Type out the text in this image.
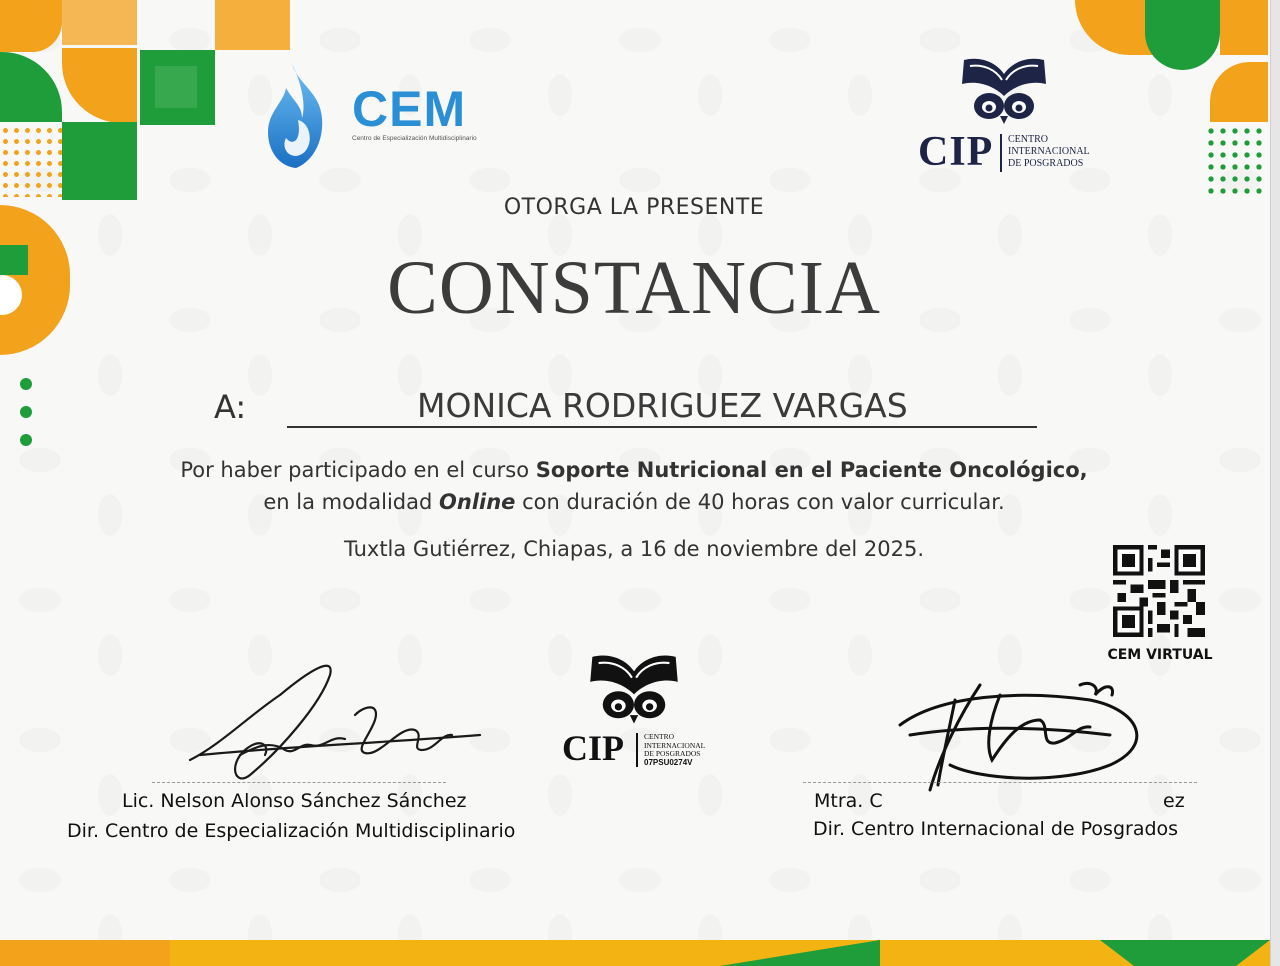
CEM
Centro de Especialización Multidisciplinario	CIP CENTRO
INTERNACIONAL
DE POSGRADOS
OTORGA LA PRESENTE
CONSTANCIA
A:	MONICA RODRIGUEZ VARGAS
Por haber participado en el curso Soporte Nutricional en el Paciente Oncológico,
en la modalidad Online con duración de 40 horas con valor curricular.
Tuxtla Gutiérrez, Chiapas, a 16 de noviembre del 2025.
CEM VIRTUAL
CIP	CENTRO
INTERNACIONAL
DE POSGRADOS
07PSU0274V
Lic. Nelson Alonso Sánchez Sánchez
Dir. Centro de Especialización Multidisciplinario
Mtra. C	ez
Dir. Centro Internacional de Posgrados
